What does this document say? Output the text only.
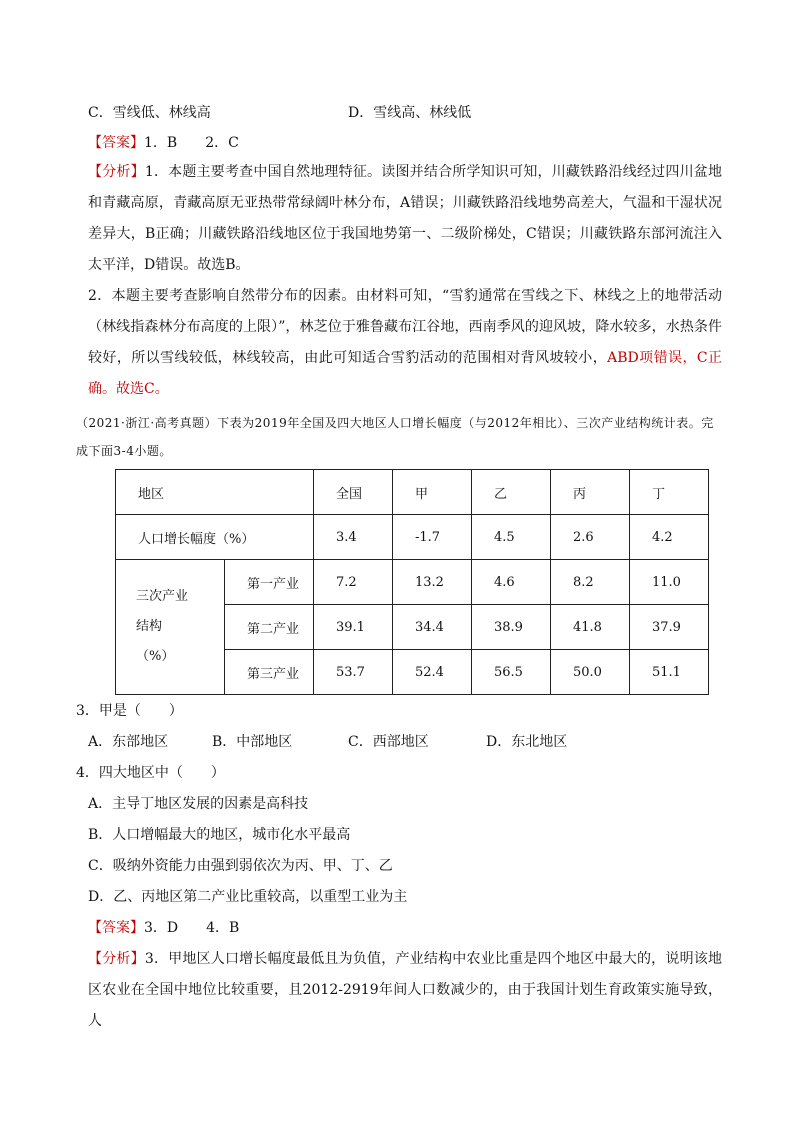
C．雪线低、林线高	D．雪线高、林线低
【答案】1．B　　2．C
【分析】1．本题主要考查中国自然地理特征。读图并结合所学知识可知，川藏铁路沿线经过四川盆地和青藏高原，青藏高原无亚热带常绿阔叶林分布，A错误；川藏铁路沿线地势高差大，气温和干湿状况差异大，B正确；川藏铁路沿线地区位于我国地势第一、二级阶梯处，C错误；川藏铁路东部河流注入太平洋，D错误。故选B。
2．本题主要考查影响自然带分布的因素。由材料可知，“雪豹通常在雪线之下、林线之上的地带活动（林线指森林分布高度的上限）”，林芝位于雅鲁藏布江谷地，西南季风的迎风坡，降水较多，水热条件较好，所以雪线较低，林线较高，由此可知适合雪豹活动的范围相对背风坡较小，ABD项错误，C正确。故选C。
（2021·浙江·高考真题）下表为2019年全国及四大地区人口增长幅度（与2012年相比）、三次产业结构统计表。完成下面3-4小题。
地区		全国	甲	乙	丙	丁
人口增长幅度（%）		3.4	-1.7	4.5	2.6	4.2

三次产业
结构
（%）	第一产业	7.2	13.2	4.6	8.2	11.0
	第二产业	39.1	34.4	38.9	41.8	37.9
	第三产业	53.7	52.4	56.5	50.0	51.1
3．甲是（　　）
A．东部地区	B．中部地区	C．西部地区	D．东北地区
4．四大地区中（　　）
A．主导丁地区发展的因素是高科技
B．人口增幅最大的地区，城市化水平最高
C．吸纳外资能力由强到弱依次为丙、甲、丁、乙
D．乙、丙地区第二产业比重较高，以重型工业为主
【答案】3．D　　4．B
【分析】3．甲地区人口增长幅度最低且为负值，产业结构中农业比重是四个地区中最大的，说明该地区农业在全国中地位比较重要，且2012-2919年间人口数减少的，由于我国计划生育政策实施导致，人
